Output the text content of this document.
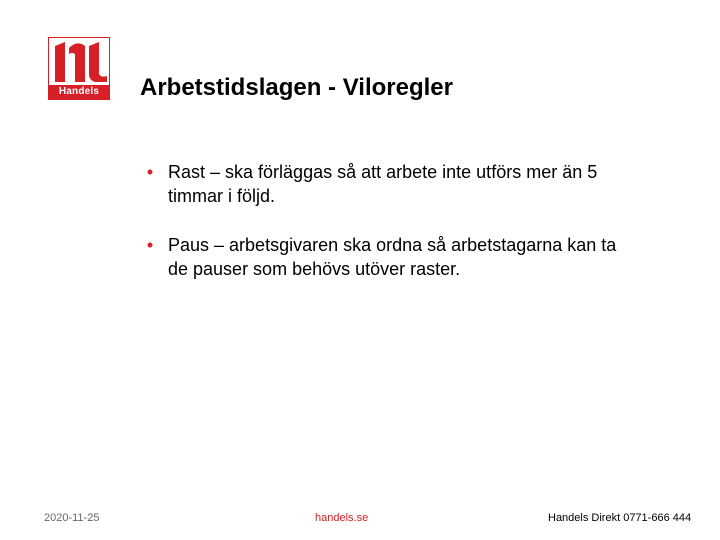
Handels	Arbetstidslagen - Viloregler
• Rast – ska förläggas så att arbete inte utförs mer än 5 timmar i följd.
• Paus – arbetsgivaren ska ordna så arbetstagarna kan ta de pauser som behövs utöver raster.
2020-11-25	handels.se	Handels Direkt 0771-666 444
